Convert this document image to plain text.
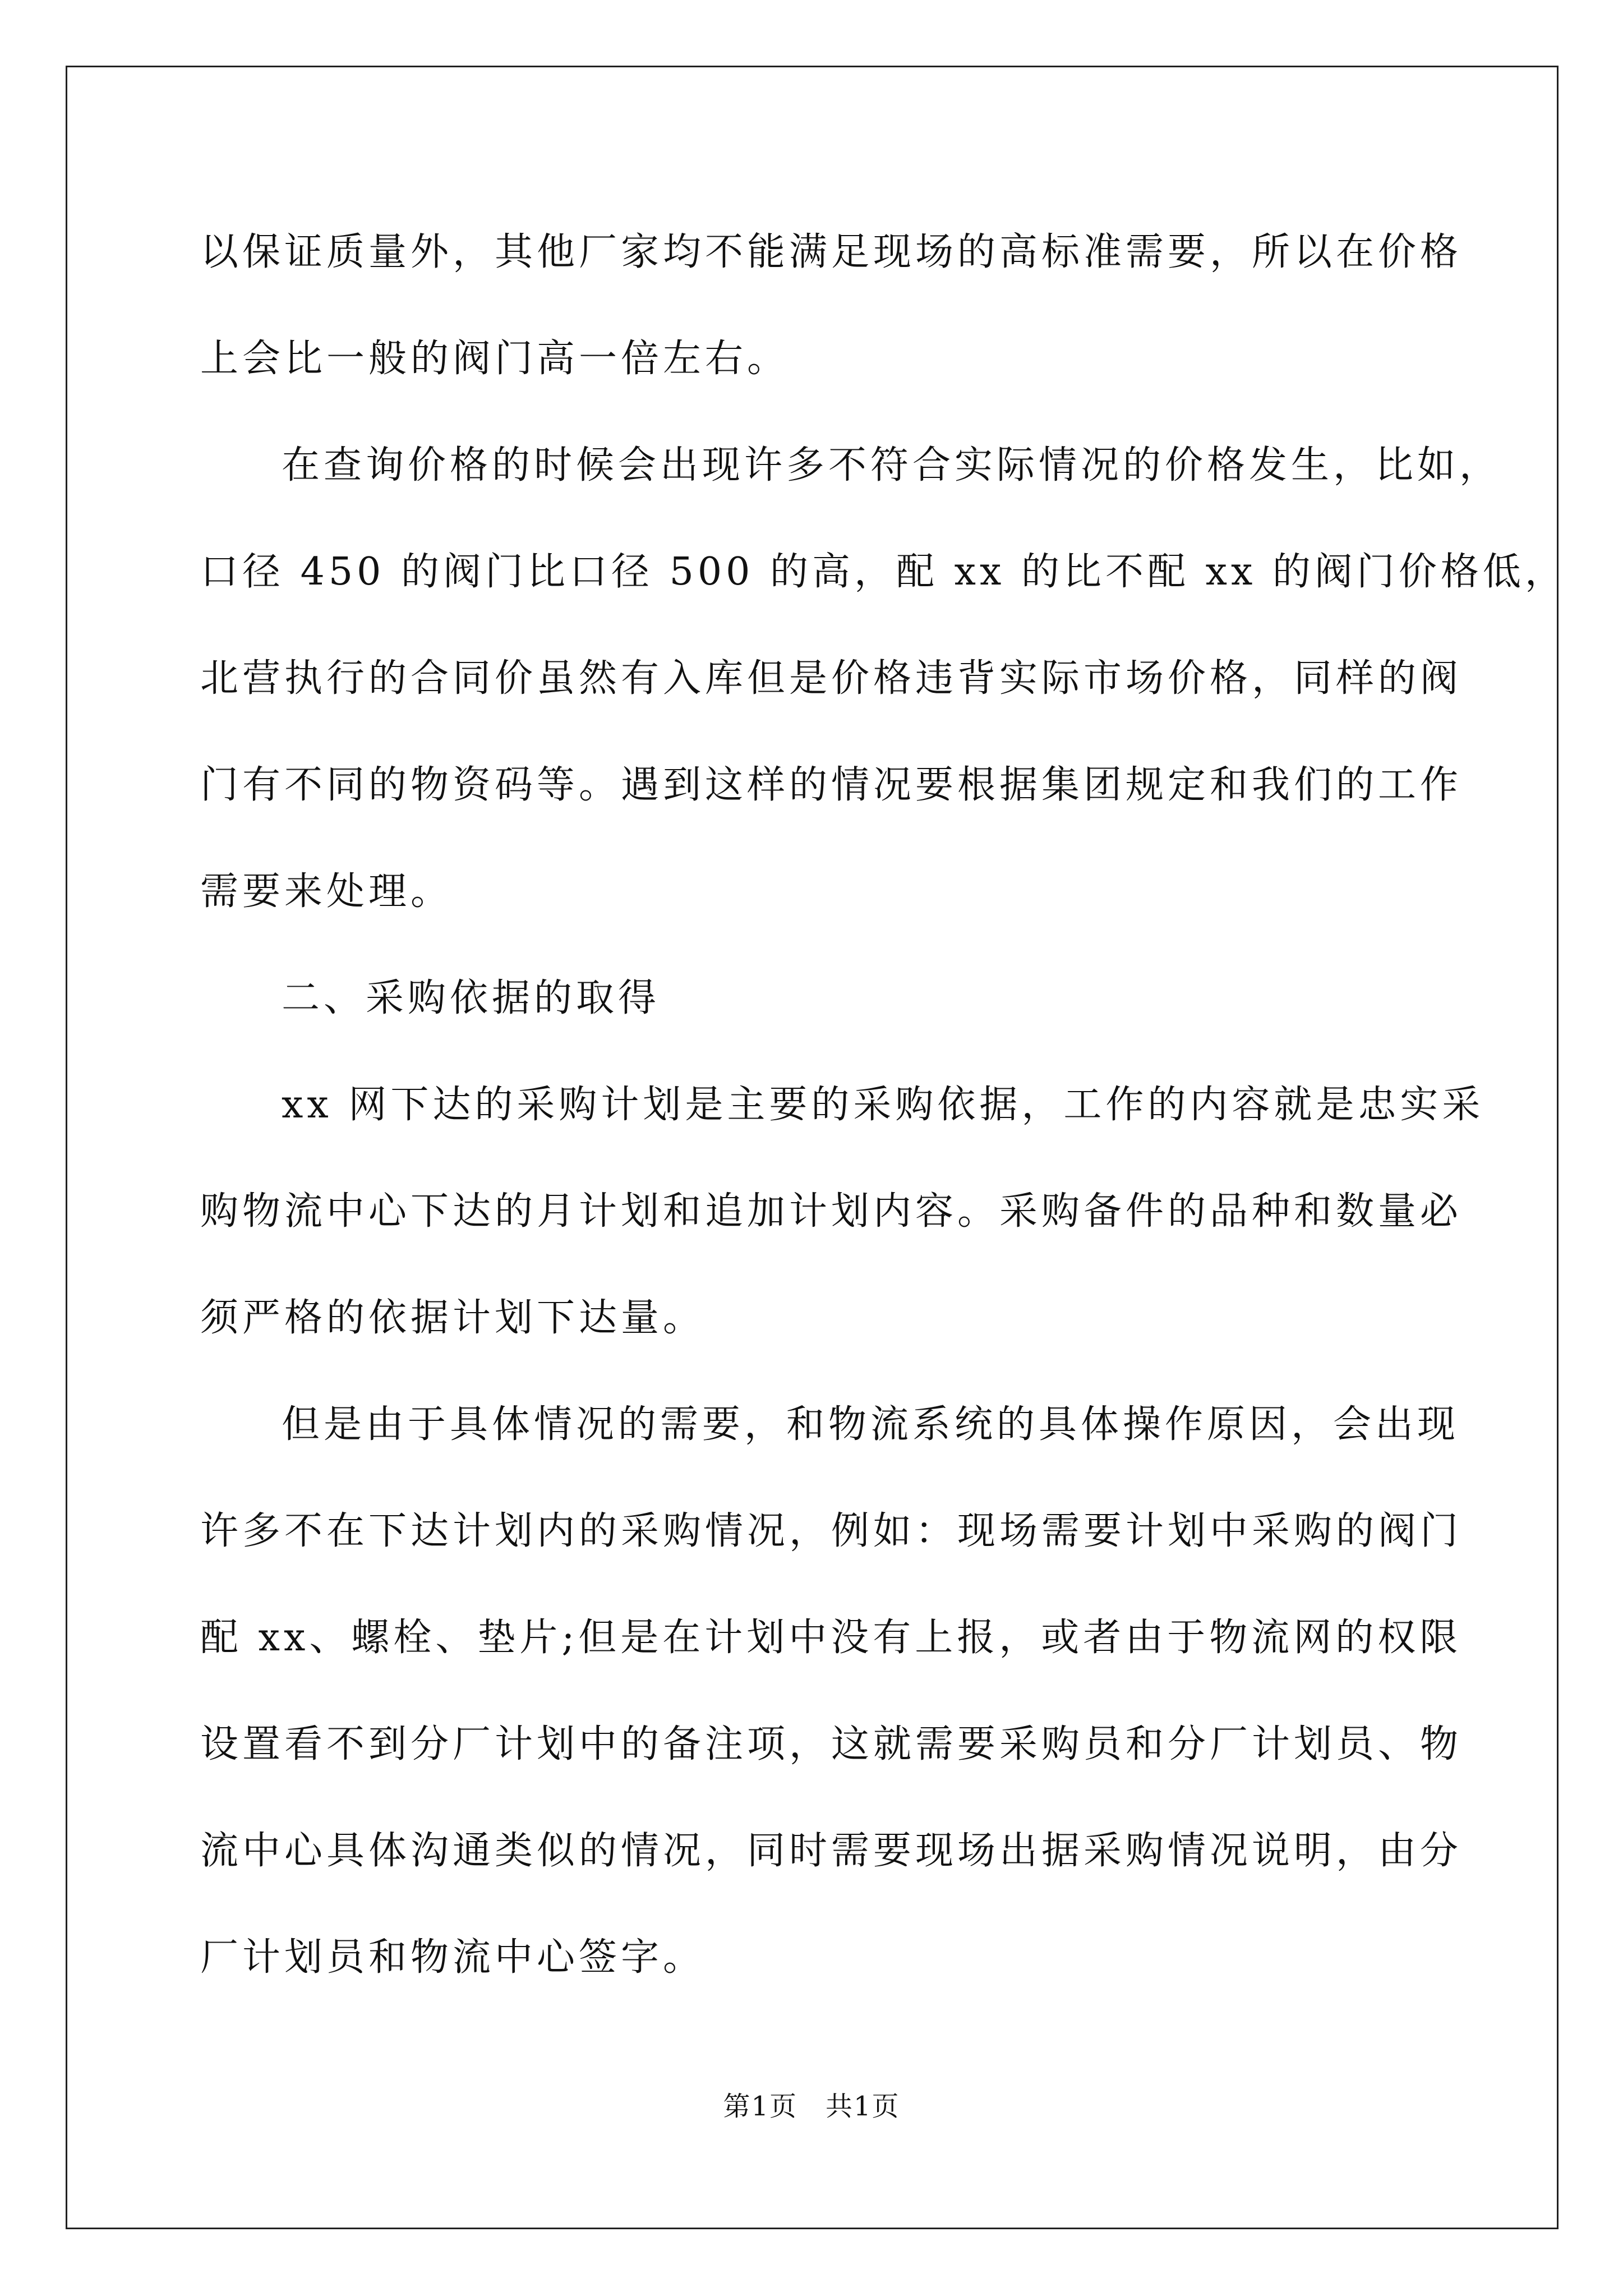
以保证质量外，其他厂家均不能满足现场的高标准需要，所以在价格
上会比一般的阀门高一倍左右。
在查询价格的时候会出现许多不符合实际情况的价格发生，比如，
口径 450 的阀门比口径 500 的高，配 xx 的比不配 xx 的阀门价格低，
北营执行的合同价虽然有入库但是价格违背实际市场价格，同样的阀
门有不同的物资码等。遇到这样的情况要根据集团规定和我们的工作
需要来处理。
二、采购依据的取得
xx 网下达的采购计划是主要的采购依据，工作的内容就是忠实采
购物流中心下达的月计划和追加计划内容。采购备件的品种和数量必
须严格的依据计划下达量。
但是由于具体情况的需要，和物流系统的具体操作原因，会出现
许多不在下达计划内的采购情况，例如：现场需要计划中采购的阀门
配 xx、螺栓、垫片;但是在计划中没有上报，或者由于物流网的权限
设置看不到分厂计划中的备注项，这就需要采购员和分厂计划员、物
流中心具体沟通类似的情况，同时需要现场出据采购情况说明，由分
厂计划员和物流中心签字。
第1页　共1页
